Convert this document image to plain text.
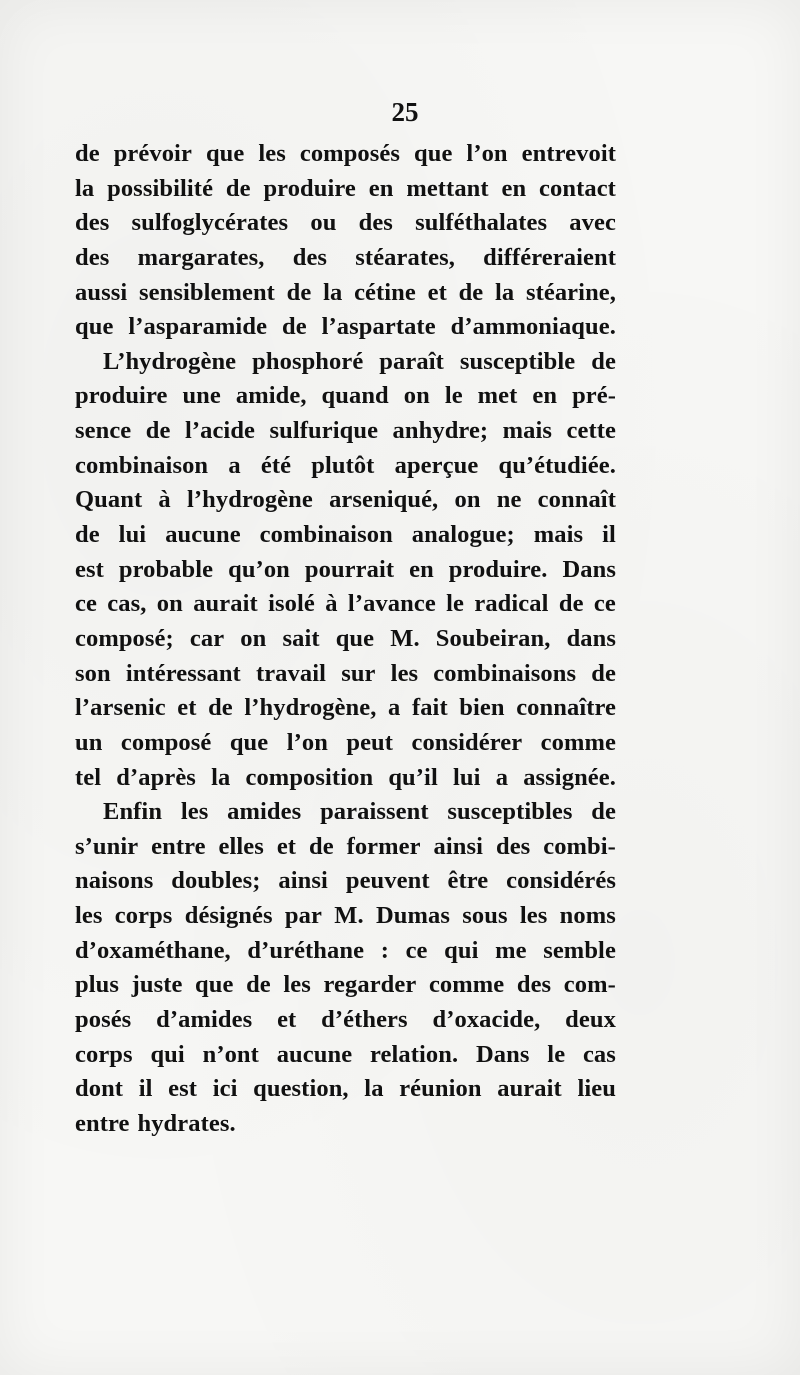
25
de prévoir que les composés que l’on entrevoit
la possibilité de produire en mettant en contact
des sulfoglycérates ou des sulféthalates avec
des margarates, des stéarates, différeraient
aussi sensiblement de la cétine et de la stéarine,
que l’asparamide de l’aspartate d’ammoniaque.
L’hydrogène phosphoré paraît susceptible de
produire une amide, quand on le met en pré-
sence de l’acide sulfurique anhydre; mais cette
combinaison a été plutôt aperçue qu’étudiée.
Quant à l’hydrogène arseniqué, on ne connaît
de lui aucune combinaison analogue; mais il
est probable qu’on pourrait en produire. Dans
ce cas, on aurait isolé à l’avance le radical de ce
composé; car on sait que M. Soubeiran, dans
son intéressant travail sur les combinaisons de
l’arsenic et de l’hydrogène, a fait bien connaître
un composé que l’on peut considérer comme
tel d’après la composition qu’il lui a assignée.
Enfin les amides paraissent susceptibles de
s’unir entre elles et de former ainsi des combi-
naisons doubles; ainsi peuvent être considérés
les corps désignés par M. Dumas sous les noms
d’oxaméthane, d’uréthane : ce qui me semble
plus juste que de les regarder comme des com-
posés d’amides et d’éthers d’oxacide, deux
corps qui n’ont aucune relation. Dans le cas
dont il est ici question, la réunion aurait lieu
entre hydrates.
